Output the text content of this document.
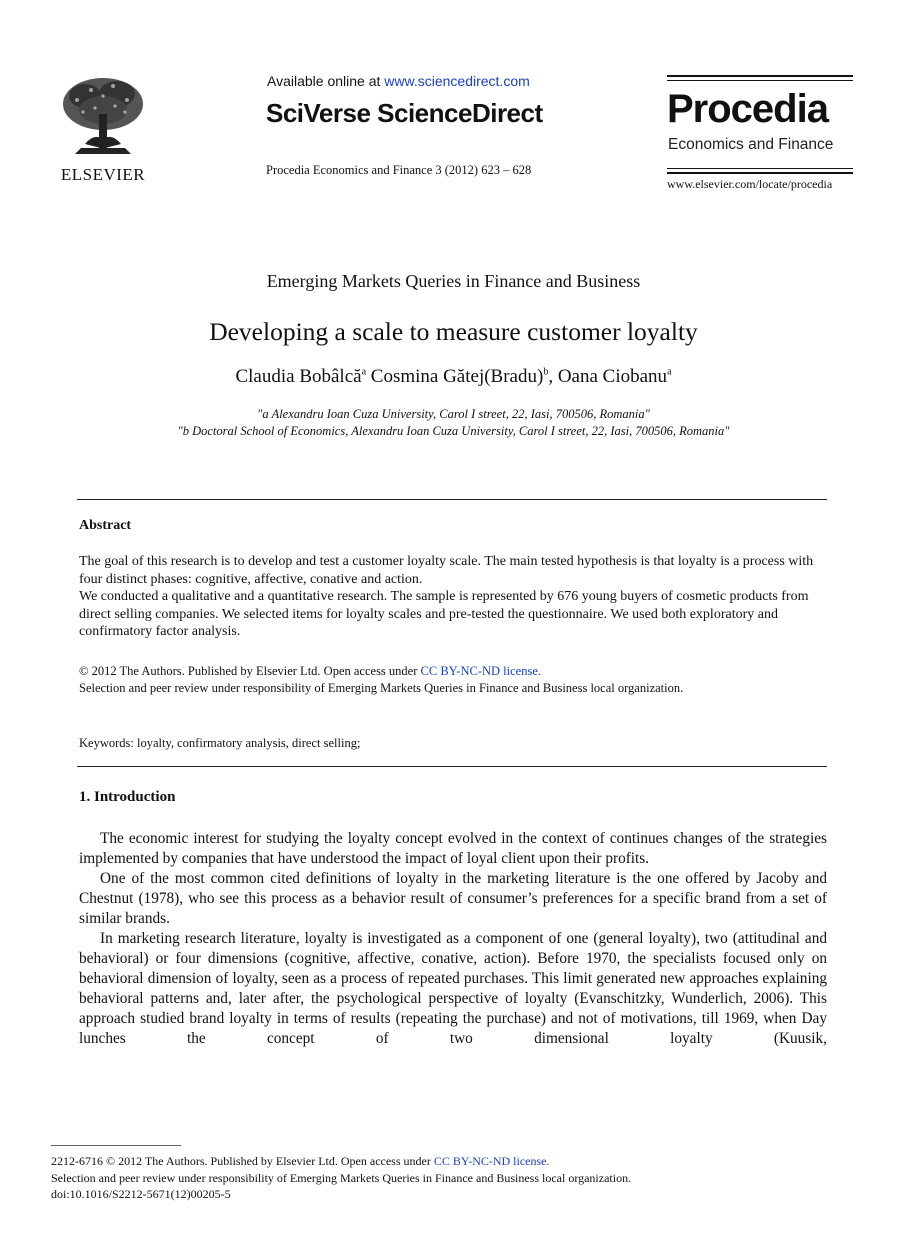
ELSEVIER
Available online at www.sciencedirect.com
SciVerse ScienceDirect
Procedia Economics and Finance 3 (2012) 623 – 628
Procedia
Economics and Finance
www.elsevier.com/locate/procedia
Emerging Markets Queries in Finance and Business
Developing a scale to measure customer loyalty
Claudia Bobâlcă$^a$ Cosmina Gătej(Bradu)$^b$, Oana Ciobanu$^a$
"a Alexandru Ioan Cuza University, Carol I street, 22, Iasi, 700506, Romania"
"b Doctoral School of Economics, Alexandru Ioan Cuza University, Carol I street, 22, Iasi, 700506, Romania"
Abstract
The goal of this research is to develop and test a customer loyalty scale. The main tested hypothesis is that loyalty is a process with four distinct phases: cognitive, affective, conative and action.
We conducted a qualitative and a quantitative research. The sample is represented by 676 young buyers of cosmetic products from direct selling companies. We selected items for loyalty scales and pre-tested the questionnaire. We used both exploratory and confirmatory factor analysis.
© 2012 The Authors. Published by Elsevier Ltd. Open access under CC BY-NC-ND license.
Selection and peer review under responsibility of Emerging Markets Queries in Finance and Business local organization.
Keywords: loyalty, confirmatory analysis, direct selling;
1. Introduction

The economic interest for studying the loyalty concept evolved in the context of continues changes of the strategies implemented by companies that have understood the impact of loyal client upon their profits.

One of the most common cited definitions of loyalty in the marketing literature is the one offered by Jacoby and Chestnut (1978), who see this process as a behavior result of consumer’s preferences for a specific brand from a set of similar brands.

In marketing research literature, loyalty is investigated as a component of one (general loyalty), two (attitudinal and behavioral) or four dimensions (cognitive, affective, conative, action). Before 1970, the specialists focused only on behavioral dimension of loyalty, seen as a process of repeated purchases. This limit generated new approaches explaining behavioral patterns and, later after, the psychological perspective of loyalty (Evanschitzky, Wunderlich, 2006). This approach studied brand loyalty in terms of results (repeating the purchase) and not of motivations, till 1969, when Day lunches the concept of two dimensional loyalty (Kuusik,

2212-6716 © 2012 The Authors. Published by Elsevier Ltd. Open access under CC BY-NC-ND license.
Selection and peer review under responsibility of Emerging Markets Queries in Finance and Business local organization.
doi:10.1016/S2212-5671(12)00205-5
